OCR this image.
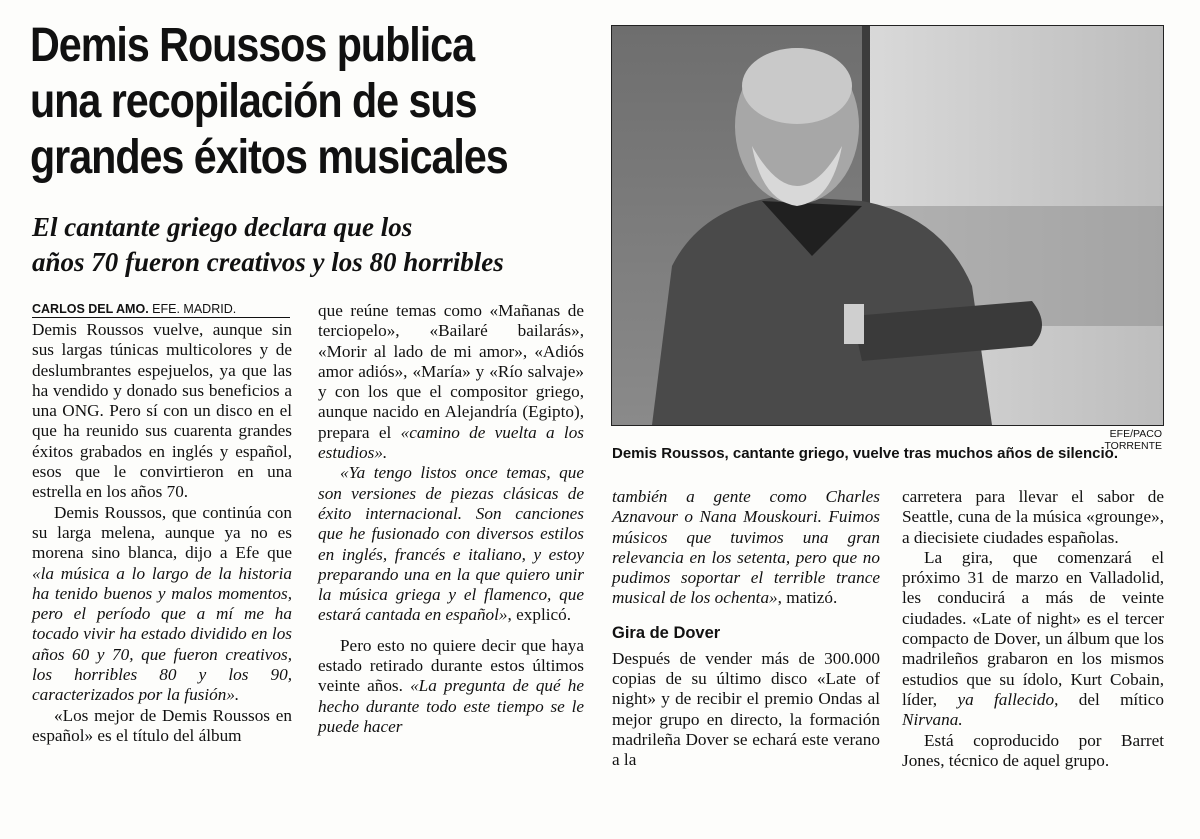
Demis Roussos publica
una recopilación de sus
grandes éxitos musicales
El cantante griego declara que los
años 70 fueron creativos y los 80 horribles
CARLOS DEL AMO. EFE. MADRID.

Demis Roussos vuelve, aunque sin sus largas túnicas multicolores y de deslumbrantes espejuelos, ya que las ha vendido y donado sus beneficios a una ONG. Pero sí con un disco en el que ha reunido sus cuarenta grandes éxitos grabados en inglés y español, esos que le convirtieron en una estrella en los años 70.

Demis Roussos, que continúa con su larga melena, aunque ya no es morena sino blanca, dijo a Efe que «la música a lo largo de la historia ha tenido buenos y malos momentos, pero el período que a mí me ha tocado vivir ha estado dividido en los años 60 y 70, que fueron creativos, los horribles 80 y los 90, caracterizados por la fusión».

«Los mejor de Demis Roussos en español» es el título del álbum

que reúne temas como «Mañanas de terciopelo», «Bailaré bailarás», «Morir al lado de mi amor», «Adiós amor adiós», «María» y «Río salvaje» y con los que el compositor griego, aunque nacido en Alejandría (Egipto), prepara el «camino de vuelta a los estudios».

«Ya tengo listos once temas, que son versiones de piezas clásicas de éxito internacional. Son canciones que he fusionado con diversos estilos en inglés, francés e italiano, y estoy preparando una en la que quiero unir la música griega y el flamenco, que estará cantada en español», explicó.

Pero esto no quiere decir que haya estado retirado durante estos últimos veinte años. «La pregunta de qué he hecho durante todo este tiempo se le puede hacer

EFE/PACO TORRENTE
Demis Roussos, cantante griego, vuelve tras muchos años de silencio.

también a gente como Charles Aznavour o Nana Mouskouri. Fuimos músicos que tuvimos una gran relevancia en los setenta, pero que no pudimos soportar el terrible trance musical de los ochenta», matizó.

Gira de Dover

Después de vender más de 300.000 copias de su último disco «Late of night» y de recibir el premio Ondas al mejor grupo en directo, la formación madrileña Dover se echará este verano a la

carretera para llevar el sabor de Seattle, cuna de la música «grounge», a diecisiete ciudades españolas.

La gira, que comenzará el próximo 31 de marzo en Valladolid, les conducirá a más de veinte ciudades. «Late of night» es el tercer compacto de Dover, un álbum que los madrileños grabaron en los mismos estudios que su ídolo, Kurt Cobain, líder, ya fallecido, del mítico Nirvana.

Está coproducido por Barret Jones, técnico de aquel grupo.
